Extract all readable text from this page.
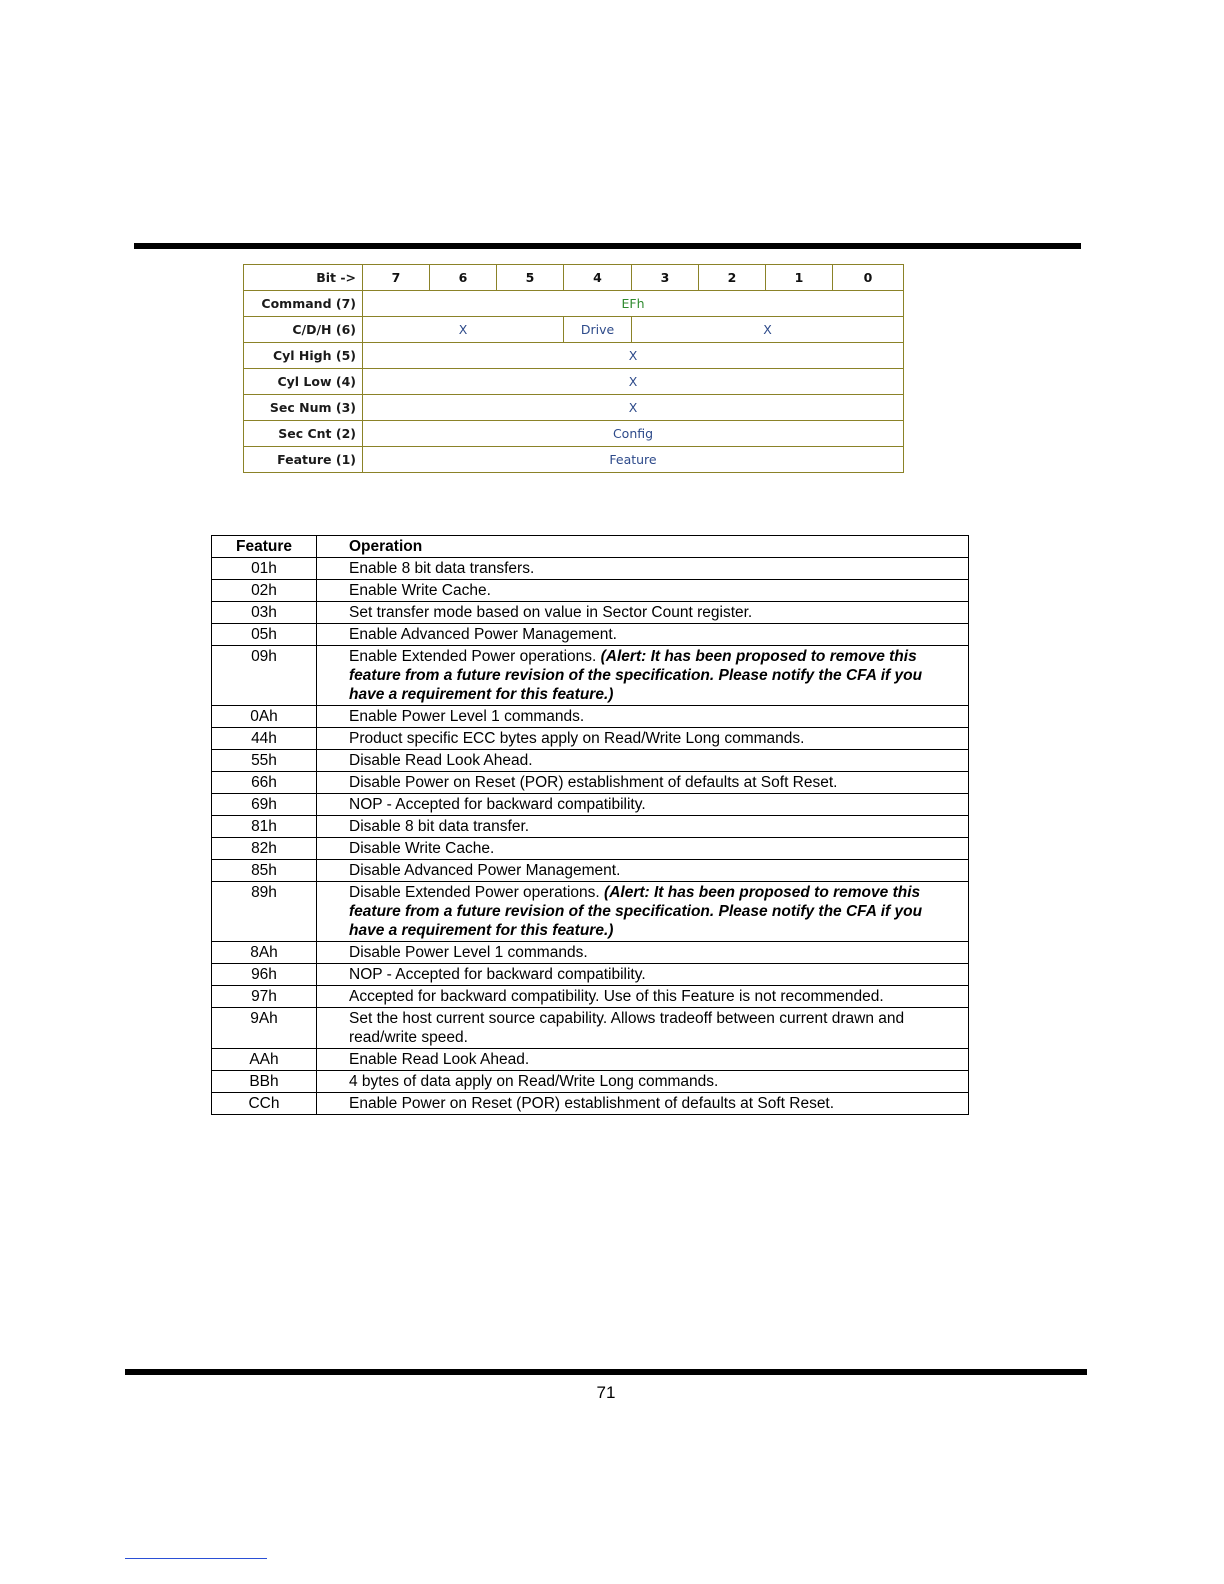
Bit ->	7	6	5	4	3	2	1	0
Command (7)	EFh							
C/D/H (6)	X			Drive	X			
Cyl High (5)	X							
Cyl Low (4)	X							
Sec Num (3)	X							
Sec Cnt (2)	Config							
Feature (1)	Feature							
Feature	Operation
01h	Enable 8 bit data transfers.
02h	Enable Write Cache.
03h	Set transfer mode based on value in Sector Count register.
05h	Enable Advanced Power Management.
09h	Enable Extended Power operations. (Alert: It has been proposed to remove this feature from a future revision of the specification. Please notify the CFA if you have a requirement for this feature.)
0Ah	Enable Power Level 1 commands.
44h	Product specific ECC bytes apply on Read/Write Long commands.
55h	Disable Read Look Ahead.
66h	Disable Power on Reset (POR) establishment of defaults at Soft Reset.
69h	NOP - Accepted for backward compatibility.
81h	Disable 8 bit data transfer.
82h	Disable Write Cache.
85h	Disable Advanced Power Management.
89h	Disable Extended Power operations. (Alert: It has been proposed to remove this feature from a future revision of the specification. Please notify the CFA if you have a requirement for this feature.)
8Ah	Disable Power Level 1 commands.
96h	NOP - Accepted for backward compatibility.
97h	Accepted for backward compatibility. Use of this Feature is not recommended.
9Ah	Set the host current source capability. Allows tradeoff between current drawn and read/write speed.
AAh	Enable Read Look Ahead.
BBh	4 bytes of data apply on Read/Write Long commands.
CCh	Enable Power on Reset (POR) establishment of defaults at Soft Reset.
71
